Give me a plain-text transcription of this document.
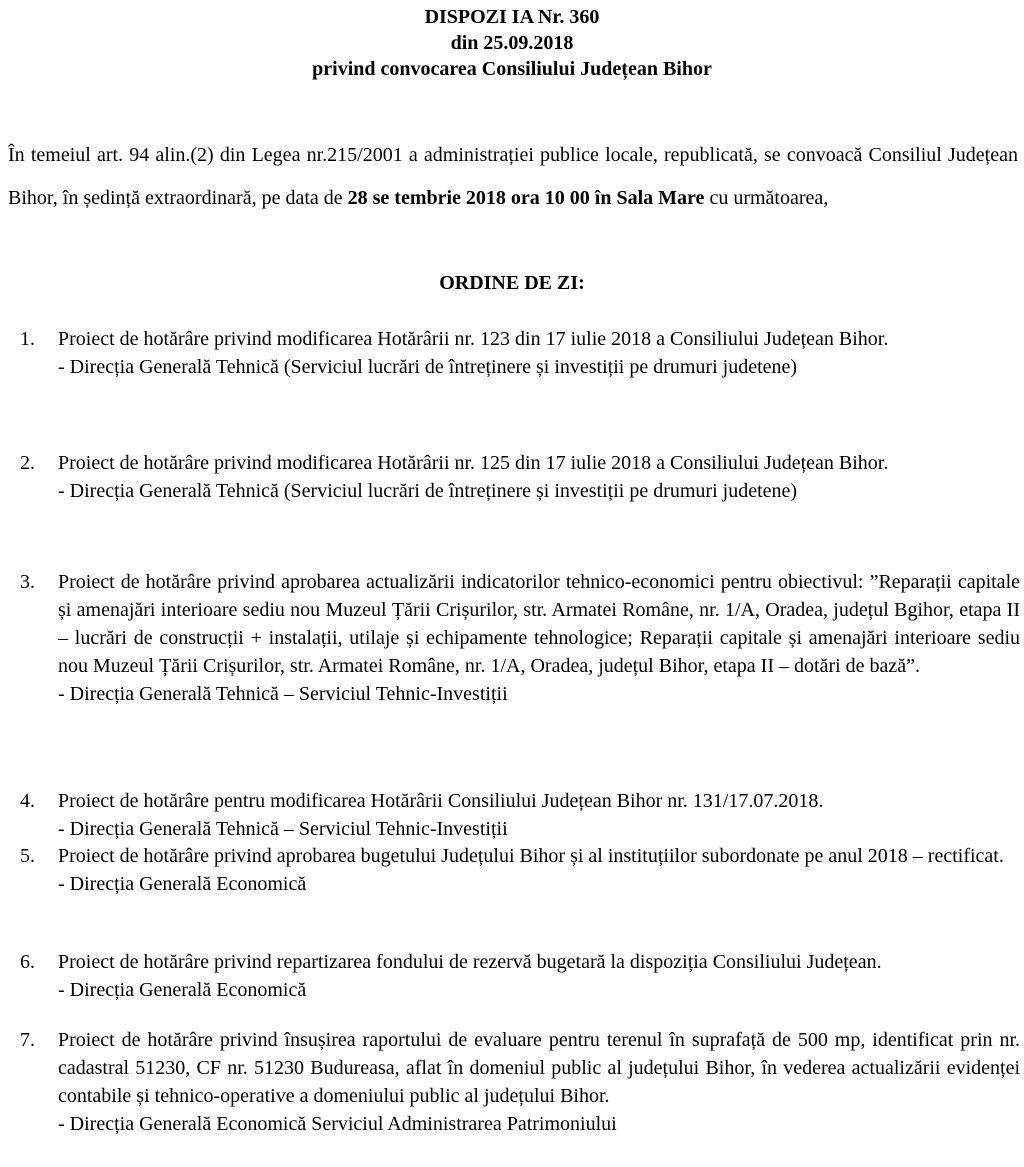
DISPOZI IA Nr. 360
din 25.09.2018
privind convocarea Consiliului Județean Bihor
În temeiul art. 94 alin.(2) din Legea nr.215/2001 a administrației publice locale, republicată, se convoacă Consiliul Județean Bihor, în ședință extraordinară, pe data de 28 se tembrie 2018 ora 10 00 în Sala Mare cu următoarea,
ORDINE DE ZI:
1. Proiect de hotărâre privind modificarea Hotărârii nr. 123 din 17 iulie 2018 a Consiliului Județean Bihor.
- Direcția Generală Tehnică (Serviciul lucrări de întreținere și investiții pe drumuri judetene)
2. Proiect de hotărâre privind modificarea Hotărârii nr. 125 din 17 iulie 2018 a Consiliului Județean Bihor.
- Direcția Generală Tehnică (Serviciul lucrări de întreținere și investiții pe drumuri judetene)
3. Proiect de hotărâre privind aprobarea actualizării indicatorilor tehnico-economici pentru obiectivul: ”Reparații capitale și amenajări interioare sediu nou Muzeul Țării Crișurilor, str. Armatei Române, nr. 1/A, Oradea, județul Bgihor, etapa II – lucrări de construcții + instalații, utilaje și echipamente tehnologice; Reparații capitale și amenajări interioare sediu nou Muzeul Țării Crișurilor, str. Armatei Române, nr. 1/A, Oradea, județul Bihor, etapa II – dotări de bază”.
- Direcția Generală Tehnică – Serviciul Tehnic-Investiții
4. Proiect de hotărâre pentru modificarea Hotărârii Consiliului Județean Bihor nr. 131/17.07.2018.
- Direcția Generală Tehnică – Serviciul Tehnic-Investiții
5. Proiect de hotărâre privind aprobarea bugetului Județului Bihor și al instituțiilor subordonate pe anul 2018 – rectificat.
- Direcția Generală Economică
6. Proiect de hotărâre privind repartizarea fondului de rezervă bugetară la dispoziția Consiliului Județean.
- Direcția Generală Economică
7. Proiect de hotărâre privind însușirea raportului de evaluare pentru terenul în suprafață de 500 mp, identificat prin nr. cadastral 51230, CF nr. 51230 Budureasa, aflat în domeniul public al județului Bihor, în vederea actualizării evidenței contabile și tehnico-operative a domeniului public al județului Bihor.
- Direcția Generală Economică Serviciul Administrarea Patrimoniului
